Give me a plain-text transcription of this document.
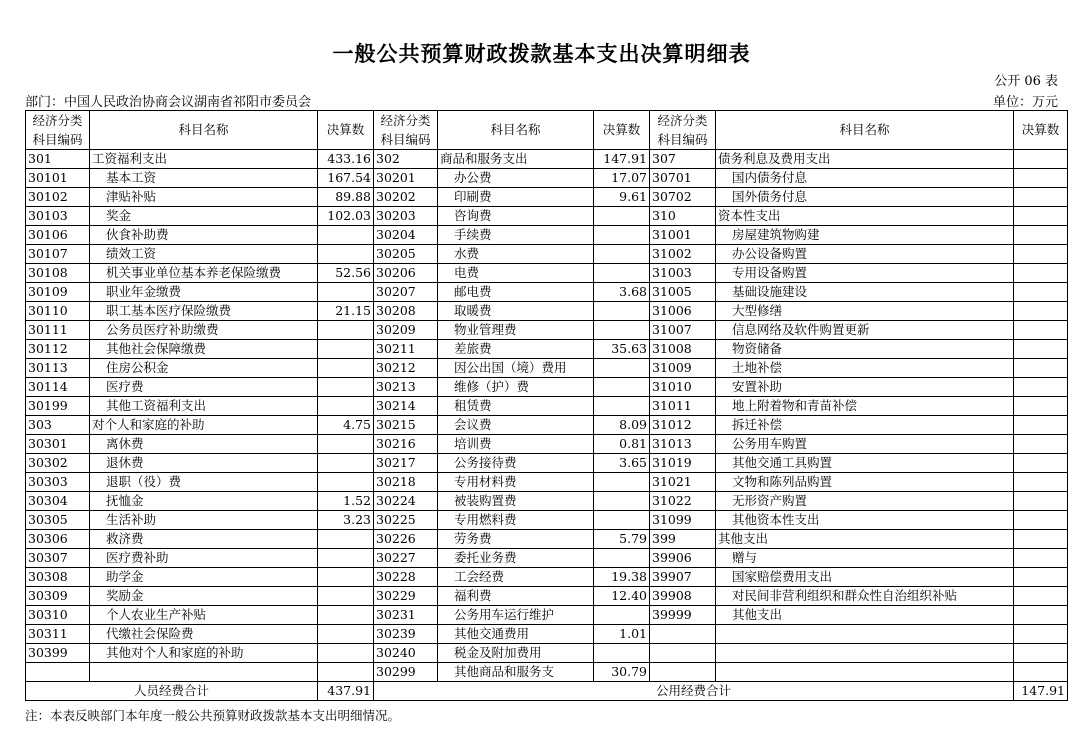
一般公共预算财政拨款基本支出决算明细表
公开 06 表
部门：中国人民政治协商会议湖南省祁阳市委员会	单位：万元
经济分类科目编码	科目名称	决算数	经济分类科目编码	科目名称	决算数	经济分类科目编码	科目名称	决算数
301	工资福利支出	433.16	302	商品和服务支出	147.91	307	债务利息及费用支出	
30101	基本工资	167.54	30201	办公费	17.07	30701	国内债务付息	
30102	津贴补贴	89.88	30202	印刷费	9.61	30702	国外债务付息	
30103	奖金	102.03	30203	咨询费		310	资本性支出	
30106	伙食补助费		30204	手续费		31001	房屋建筑物购建	
30107	绩效工资		30205	水费		31002	办公设备购置	
30108	机关事业单位基本养老保险缴费	52.56	30206	电费		31003	专用设备购置	
30109	职业年金缴费		30207	邮电费	3.68	31005	基础设施建设	
30110	职工基本医疗保险缴费	21.15	30208	取暖费		31006	大型修缮	
30111	公务员医疗补助缴费		30209	物业管理费		31007	信息网络及软件购置更新	
30112	其他社会保障缴费		30211	差旅费	35.63	31008	物资储备	
30113	住房公积金		30212	因公出国（境）费用		31009	土地补偿	
30114	医疗费		30213	维修（护）费		31010	安置补助	
30199	其他工资福利支出		30214	租赁费		31011	地上附着物和青苗补偿	
303	对个人和家庭的补助	4.75	30215	会议费	8.09	31012	拆迁补偿	
30301	离休费		30216	培训费	0.81	31013	公务用车购置	
30302	退休费		30217	公务接待费	3.65	31019	其他交通工具购置	
30303	退职（役）费		30218	专用材料费		31021	文物和陈列品购置	
30304	抚恤金	1.52	30224	被装购置费		31022	无形资产购置	
30305	生活补助	3.23	30225	专用燃料费		31099	其他资本性支出	
30306	救济费		30226	劳务费	5.79	399	其他支出	
30307	医疗费补助		30227	委托业务费		39906	赠与	
30308	助学金		30228	工会经费	19.38	39907	国家赔偿费用支出	
30309	奖励金		30229	福利费	12.40	39908	对民间非营利组织和群众性自治组织补贴	
30310	个人农业生产补贴		30231	公务用车运行维护		39999	其他支出	
30311	代缴社会保险费		30239	其他交通费用	1.01			
30399	其他对个人和家庭的补助		30240	税金及附加费用				
			30299	其他商品和服务支	30.79			
人员经费合计		437.91	公用经费合计					147.91
注：本表反映部门本年度一般公共预算财政拨款基本支出明细情况。
